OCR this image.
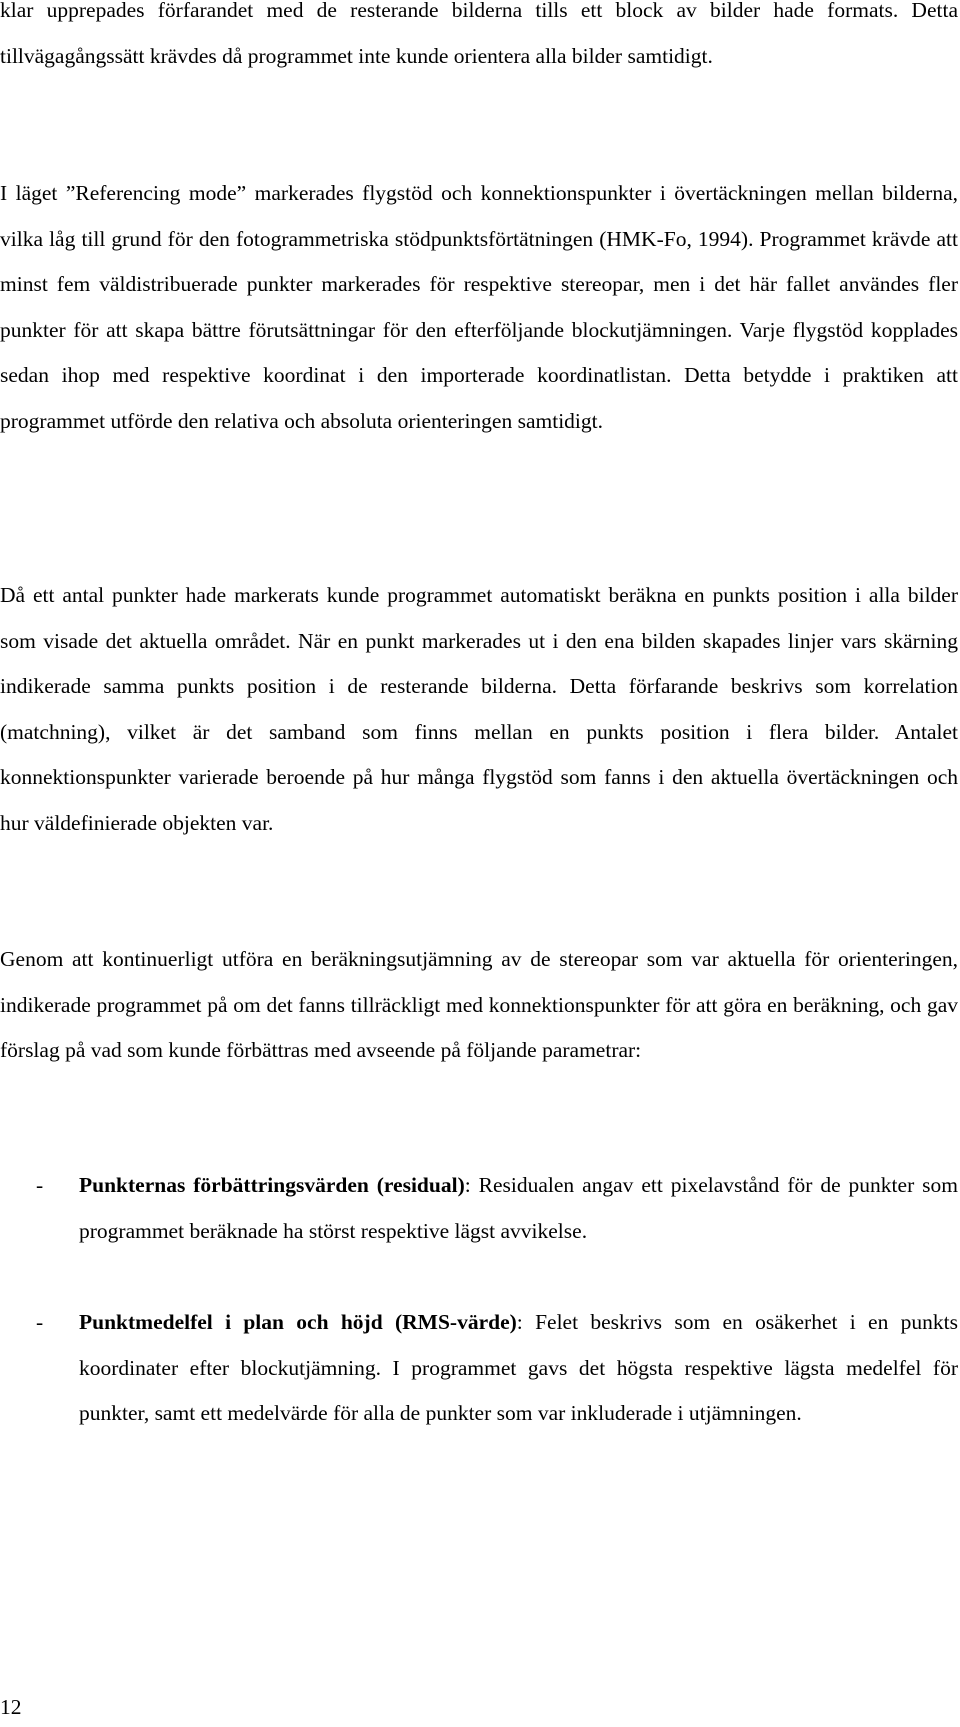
klar upprepades förfarandet med de resterande bilderna tills ett block av bilder hade formats. Detta tillvägagångssätt krävdes då programmet inte kunde orientera alla bilder samtidigt.

I läget ”Referencing mode” markerades flygstöd och konnektionspunkter i övertäckningen mellan bilderna, vilka låg till grund för den fotogrammetriska stödpunktsförtätningen (HMK-Fo, 1994). Programmet krävde att minst fem väldistribuerade punkter markerades för respektive stereopar, men i det här fallet användes fler punkter för att skapa bättre förutsättningar för den efterföljande blockutjämningen. Varje flygstöd kopplades sedan ihop med respektive koordinat i den importerade koordinatlistan. Detta betydde i praktiken att programmet utförde den relativa och absoluta orienteringen samtidigt.

Då ett antal punkter hade markerats kunde programmet automatiskt beräkna en punkts position i alla bilder som visade det aktuella området. När en punkt markerades ut i den ena bilden skapades linjer vars skärning indikerade samma punkts position i de resterande bilderna. Detta förfarande beskrivs som korrelation (matchning), vilket är det samband som finns mellan en punkts position i flera bilder. Antalet konnektionspunkter varierade beroende på hur många flygstöd som fanns i den aktuella övertäckningen och hur väldefinierade objekten var.

Genom att kontinuerligt utföra en beräkningsutjämning av de stereopar som var aktuella för orienteringen, indikerade programmet på om det fanns tillräckligt med konnektionspunkter för att göra en beräkning, och gav förslag på vad som kunde förbättras med avseende på följande parametrar:

- Punkternas förbättringsvärden (residual): Residualen angav ett pixelavstånd för de punkter som programmet beräknade ha störst respektive lägst avvikelse.
- Punktmedelfel i plan och höjd (RMS-värde): Felet beskrivs som en osäkerhet i en punkts koordinater efter blockutjämning. I programmet gavs det högsta respektive lägsta medelfel för punkter, samt ett medelvärde för alla de punkter som var inkluderade i utjämningen.
12
